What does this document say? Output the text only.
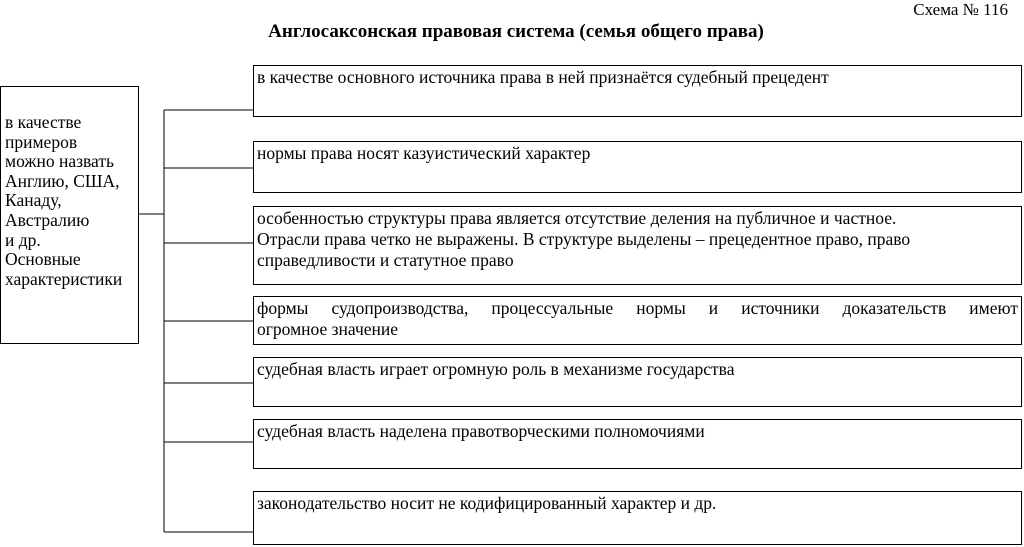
Схема № 116
Англосаксонская правовая система (семья общего права)
в качестве
примеров
можно назвать
Англию, США,
Канаду,
Австралию
и др.
Основные
характеристики
в качестве основного источника права в ней признаётся судебный прецедент
нормы права носят казуистический характер
особенностью структуры права является отсутствие деления на публичное и частное.
Отрасли права четко не выражены. В структуре выделены – прецедентное право, право
справедливости и статутное право
формы судопроизводства, процессуальные нормы и источники доказательств имеют
огромное значение
судебная власть играет огромную роль в механизме государства
судебная власть наделена правотворческими полномочиями
законодательство носит не кодифицированный характер и др.
